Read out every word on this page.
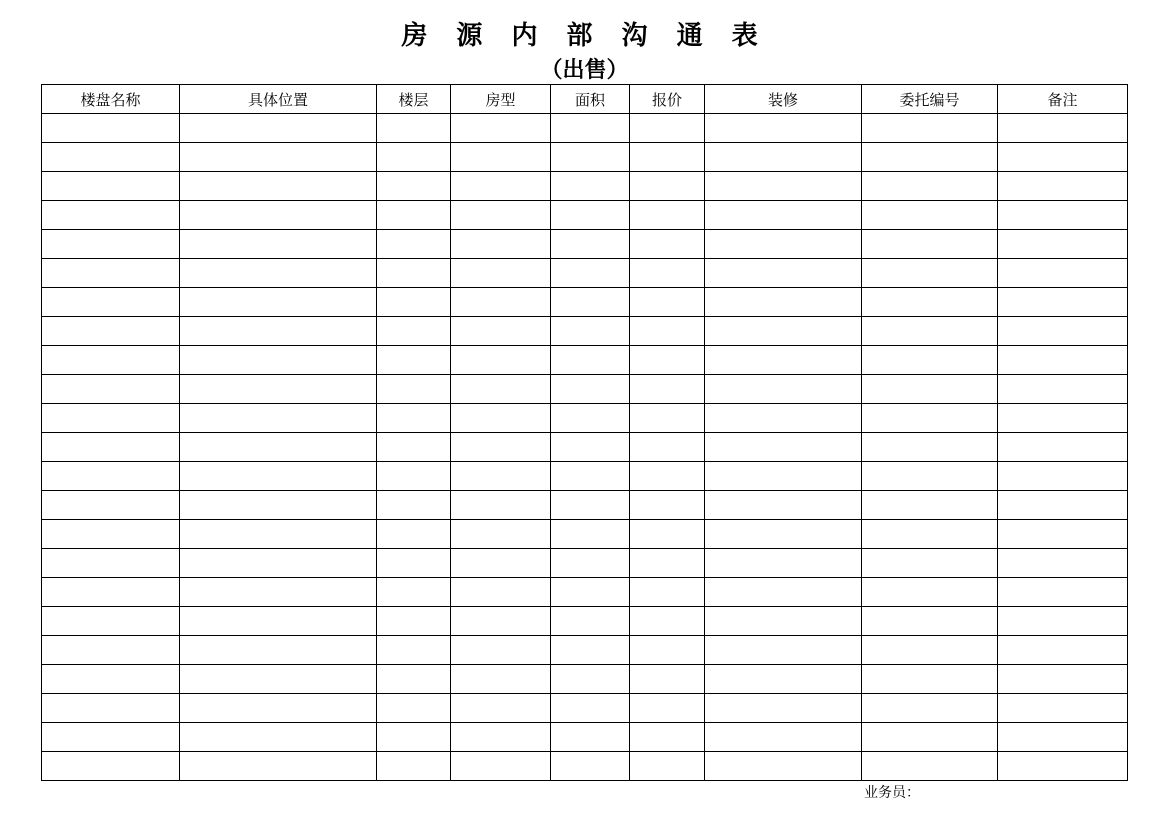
房 源 内 部 沟 通 表
（出售）
楼盘名称	具体位置	楼层	房型	面积	报价	装修	委托编号	备注

业务员：
